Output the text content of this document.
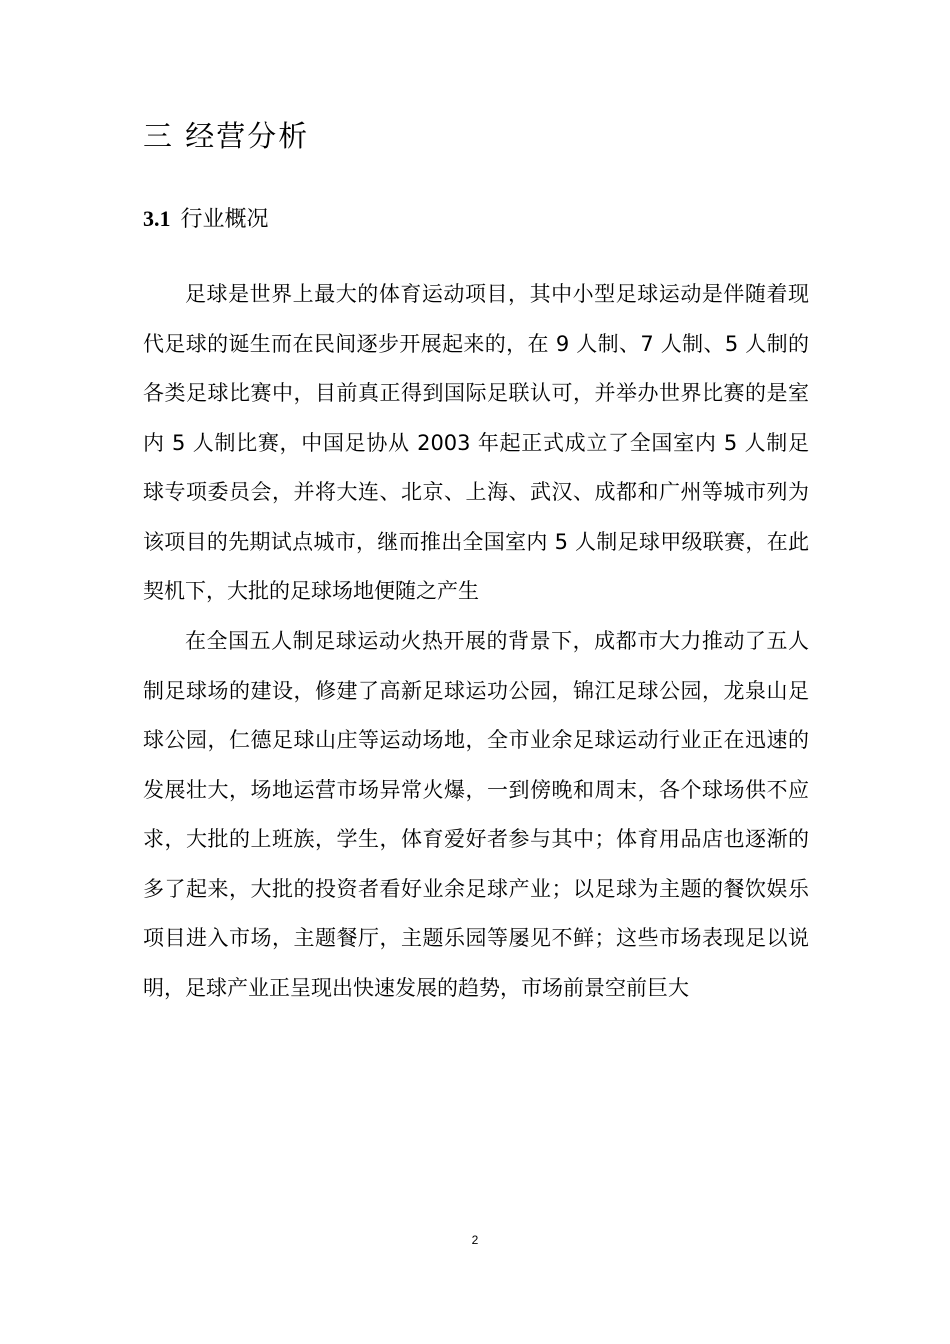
三 经营分析
3.1 行业概况

足球是世界上最大的体育运动项目，其中小型足球运动是伴随着现代足球的诞生而在民间逐步开展起来的，在 9 人制、7 人制、5 人制的各类足球比赛中，目前真正得到国际足联认可，并举办世界比赛的是室内 5 人制比赛，中国足协从 2003 年起正式成立了全国室内 5 人制足球专项委员会，并将大连、北京、上海、武汉、成都和广州等城市列为该项目的先期试点城市，继而推出全国室内 5 人制足球甲级联赛，在此契机下，大批的足球场地便随之产生

在全国五人制足球运动火热开展的背景下，成都市大力推动了五人制足球场的建设，修建了高新足球运功公园，锦江足球公园，龙泉山足球公园，仁德足球山庄等运动场地，全市业余足球运动行业正在迅速的发展壮大，场地运营市场异常火爆，一到傍晚和周末，各个球场供不应求，大批的上班族，学生，体育爱好者参与其中；体育用品店也逐渐的多了起来，大批的投资者看好业余足球产业；以足球为主题的餐饮娱乐项目进入市场，主题餐厅，主题乐园等屡见不鲜；这些市场表现足以说明，足球产业正呈现出快速发展的趋势，市场前景空前巨大

2
